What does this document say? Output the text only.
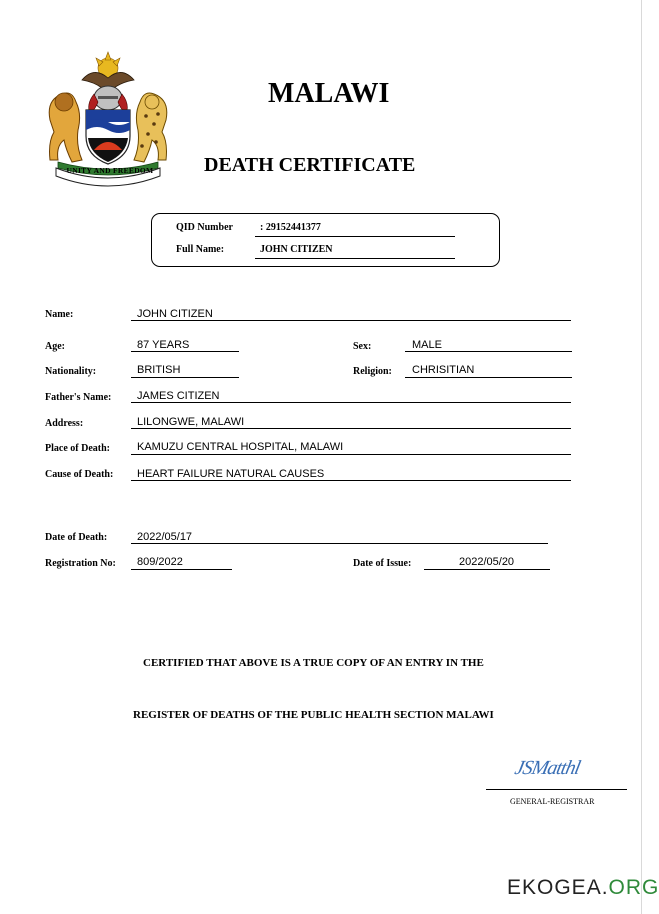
UNITY AND FREEDOM
MALAWI
DEATH CERTIFICATE
QID Number	: 29152441377
Full Name:	JOHN CITIZEN
Name:	JOHN CITIZEN
Age:	87 YEARS	Sex:	MALE
Nationality:	BRITISH	Religion: CHRISITIAN
Father's Name: JAMES CITIZEN
Address:	LILONGWE, MALAWI
Place of Death: KAMUZU CENTRAL HOSPITAL, MALAWI
Cause of Death: HEART FAILURE NATURAL CAUSES
Date of Death:	2022/05/17
Registration No: 809/2022	Date of Issue:	2022/05/20
CERTIFIED THAT ABOVE IS A TRUE COPY OF AN ENTRY IN THE
REGISTER OF DEATHS OF THE PUBLIC HEALTH SECTION MALAWI
JSMatthl
GENERAL-REGISTRAR
EKOGEA.ORG
